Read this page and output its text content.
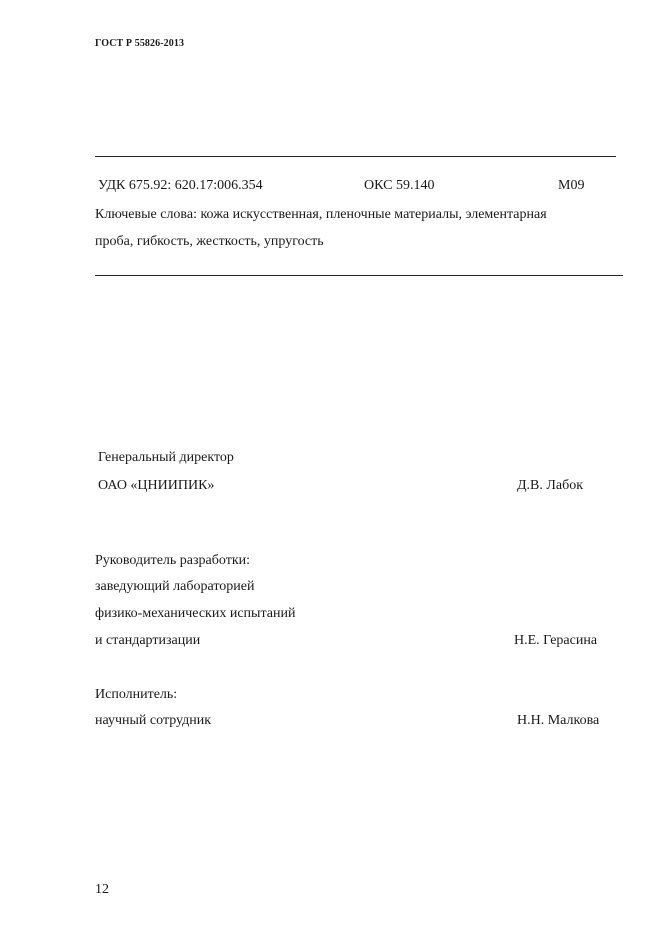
ГОСТ Р 55826-2013
УДК 675.92: 620.17:006.354	ОКС 59.140	М09
Ключевые слова: кожа искусственная, пленочные материалы, элементарная
проба, гибкость, жесткость, упругость
Генеральный директор
ОАО «ЦНИИПИК»	Д.В. Лабок
Руководитель разработки:
заведующий лабораторией
физико-механических испытаний
и стандартизации	Н.Е. Герасина
Исполнитель:
научный сотрудник	Н.Н. Малкова
12
